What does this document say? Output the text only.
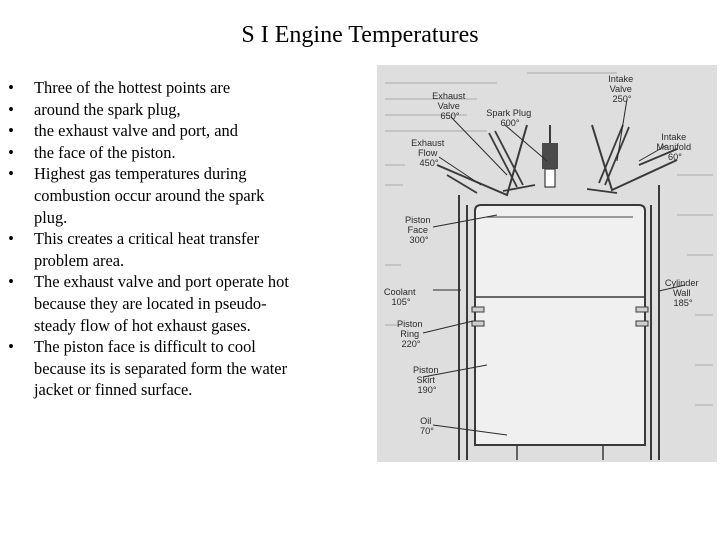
S I Engine Temperatures
• Three of the hottest points are
• around the spark plug,
• the exhaust valve and port, and
• the face of the piston.
• Highest gas temperatures during
combustion occur around the spark
plug.
• This creates a critical heat transfer
problem area.
• The exhaust valve and port operate hot
because they are located in pseudo-
steady flow of hot exhaust gases.
• The piston face is difficult to cool
because its is separated form the water
jacket or finned surface.
Intake Valve 250°
Exhaust Valve 650°	Spark Plug 600°
Intake Manifold 60°
Exhaust Flow 450°
Piston Face 300°
Coolant 105°
Cylinder Wall 185°
Piston Ring 220°
Piston Skirt 190°
Oil 70°
